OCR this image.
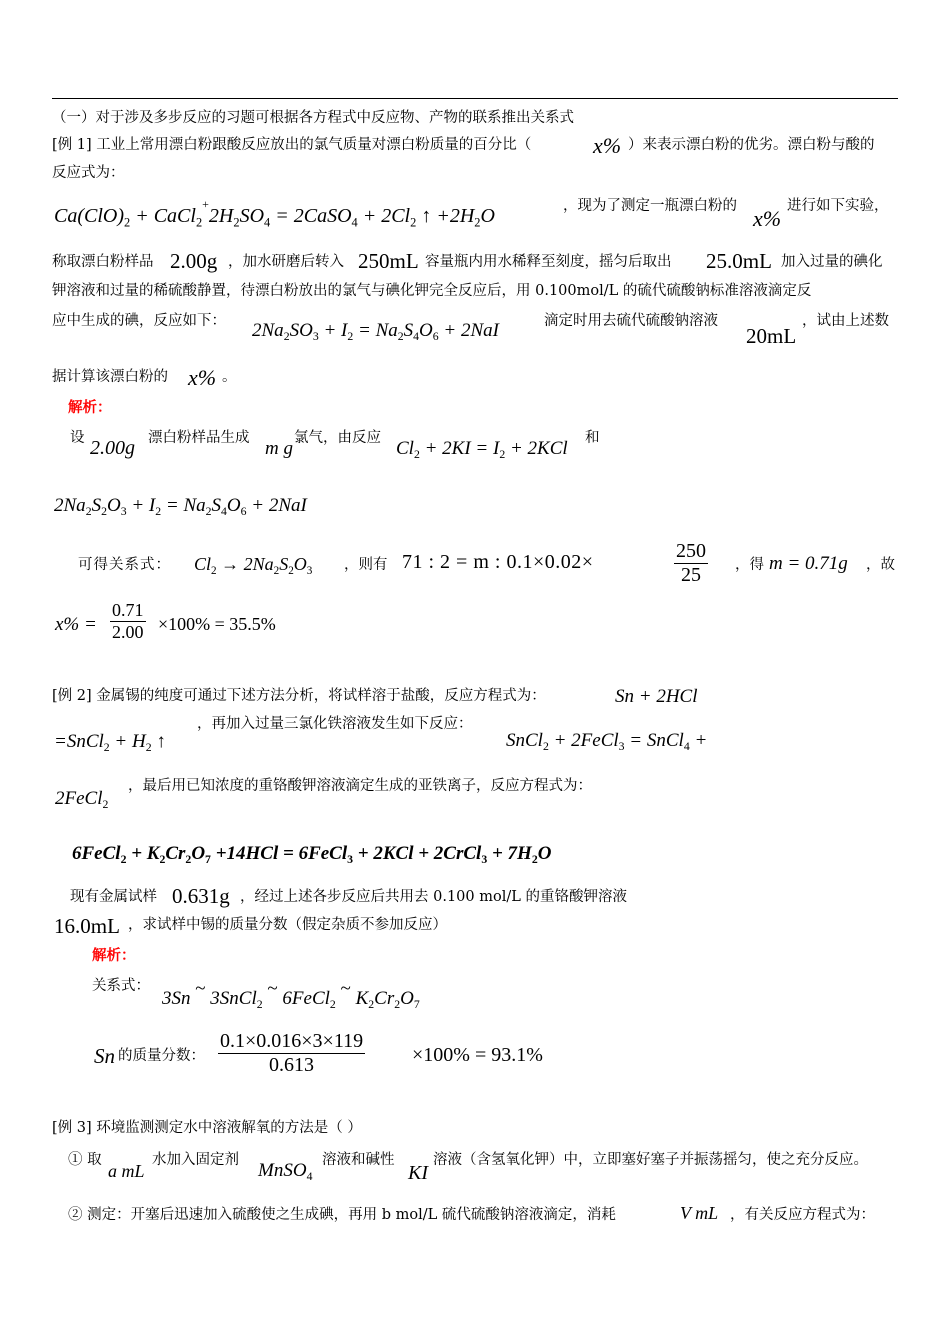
（一）对于涉及多步反应的习题可根据各方程式中反应物、产物的联系推出关系式
[例 1] 工业上常用漂白粉跟酸反应放出的氯气质量对漂白粉质量的百分比（	x% ）来表示漂白粉的优劣。漂白粉与酸的
反应式为：
$Ca(ClO)_2$ + $CaCl_2^+2H_2SO_4$ = 2CaSO$_4$ + $2Cl_2$ ↑ $+2H_2O$	，现为了测定一瓶漂白粉的 x% 进行如下实验，
称取漂白粉样品 2.00g ，加水研磨后转入 250mL 容量瓶内用水稀释至刻度，摇匀后取出 25.0mL 加入过量的碘化
钾溶液和过量的稀硫酸静置，待漂白粉放出的氯气与碘化钾完全反应后，用 0.100mol/L 的硫代硫酸钠标准溶液滴定反
应中生成的碘，反应如下： $2Na_2SO_3 + I_2 = Na_2S_4O_6 + 2NaI$	滴定时用去硫代硫酸钠溶液
20mL
，试由上述数
据计算该漂白粉的 x% 。
解析：
设 2.00g 漂白粉样品生成 m g 氯气，由反应 $Cl_2 + 2KI = I_2 + 2KCl$ 和
$2Na_2S_2O_3 + I_2 = Na_2S_4O_6 + 2NaI$
可得关系式： $Cl_2 \to 2Na_2S_2O_3$ ，则有 71 : 2 = m : 0.1×0.02×	$\frac{250}{25}$ ，得 m = 0.71g ，故
$x\% = \frac{0.71}{2.00} \times 100\% = 35.5\%$
[例 2] 金属锡的纯度可通过下述方法分析，将试样溶于盐酸，反应方程式为：	Sn + 2HCl
=SnCl$_2$ + $H_2$ ↑
，再加入过量三氯化铁溶液发生如下反应：
SnCl$_2$ + 2FeCl$_3$ = SnCl$_4$ +
2FeCl$_2$
，最后用已知浓度的重铬酸钾溶液滴定生成的亚铁离子，反应方程式为：
6FeCl$_2$ + $K_2Cr_2O_7 +14HCl$ = 6FeCl$_3$ + 2KCl + 2CrCl$_3$ + $7H_2O$
现有金属试样 0.631g ，经过上述各步反应后共用去 0.100 mol/L 的重铬酸钾溶液
16.0mL ，求试样中锡的质量分数（假定杂质不参加反应）
解析：
关系式：
3Sn ~ 3SnCl$_2$ ~ 6FeCl$_2$ ~ $K_2Cr_2O_7$
Sn 的质量分数： $\frac{0.1\times 0.016\times 3\times 119}{0.613} \times 100\% = 93.1\%$
[例 3] 环境监测测定水中溶液解氧的方法是（ ）
① 取
a mL
水加入固定剂 MnSO$_4$
溶液和碱性
KI
溶液（含氢氧化钾）中，立即塞好塞子并振荡摇匀，使之充分反应。
② 测定：开塞后迅速加入硫酸使之生成碘，再用 b mol/L 硫代硫酸钠溶液滴定，消耗	V mL ，有关反应方程式为：
